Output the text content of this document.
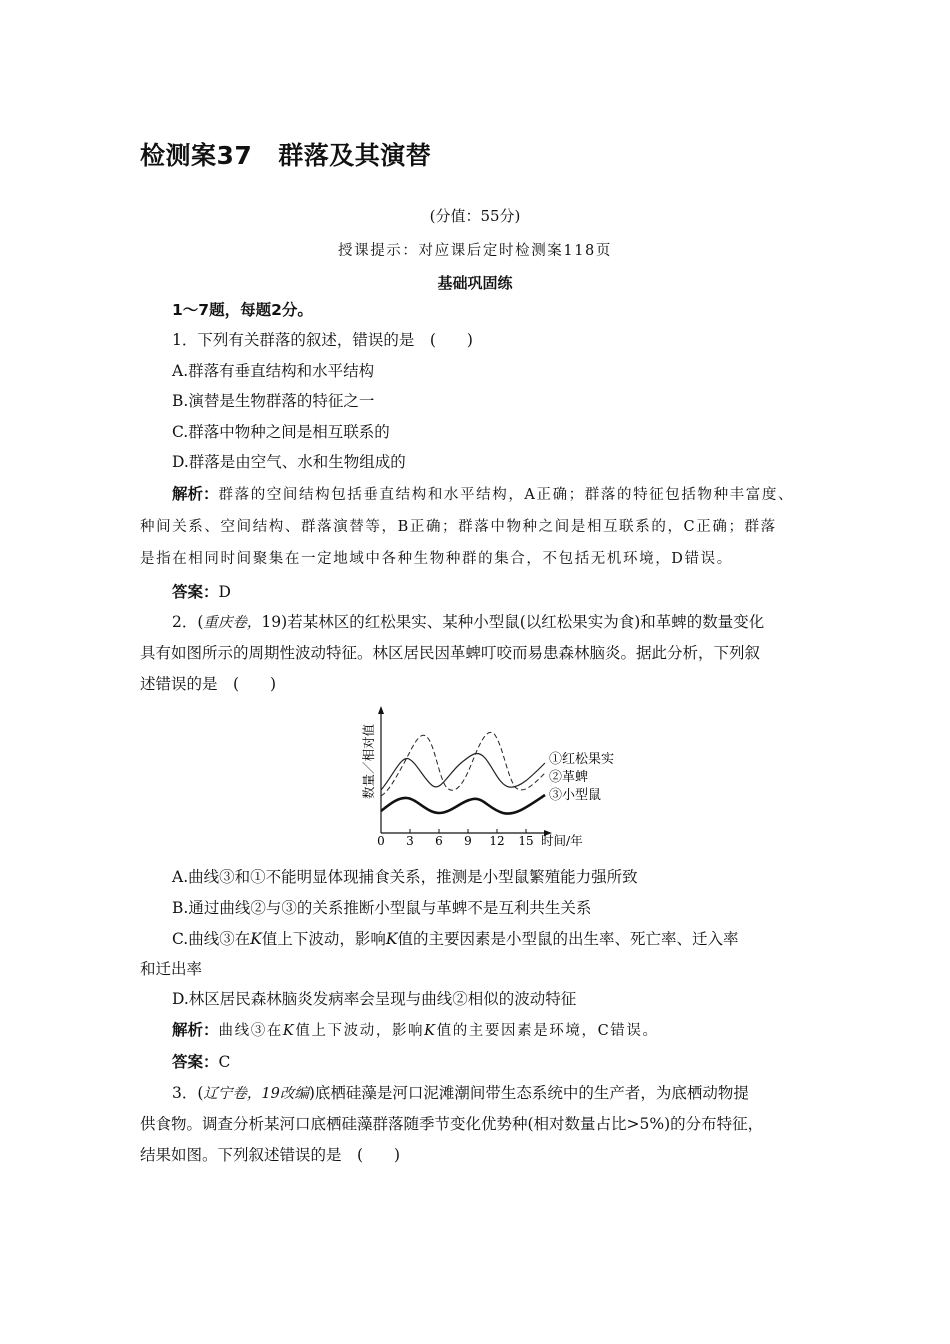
检测案37 群落及其演替
(分值：55分)
授课提示：对应课后定时检测案118页
基础巩固练
1～7题，每题2分。
1．下列有关群落的叙述，错误的是　(　　)
A.群落有垂直结构和水平结构
B.演替是生物群落的特征之一
C.群落中物种之间是相互联系的
D.群落是由空气、水和生物组成的
解析：群落的空间结构包括垂直结构和水平结构，A正确；群落的特征包括物种丰富度、
种间关系、空间结构、群落演替等，B正确；群落中物种之间是相互联系的，C正确；群落
是指在相同时间聚集在一定地域中各种生物种群的集合，不包括无机环境，D错误。
答案：D
2．(重庆卷，19)若某林区的红松果实、某种小型鼠(以红松果实为食)和革蜱的数量变化
具有如图所示的周期性波动特征。林区居民因革蜱叮咬而易患森林脑炎。据此分析，下列叙
述错误的是　(　　)
0 3 6 9 12 15 时间/年
数量／相对值	①红松果实
②革蜱
③小型鼠
A.曲线③和①不能明显体现捕食关系，推测是小型鼠繁殖能力强所致
B.通过曲线②与③的关系推断小型鼠与革蜱不是互利共生关系
C.曲线③在K值上下波动，影响K值的主要因素是小型鼠的出生率、死亡率、迁入率
和迁出率
D.林区居民森林脑炎发病率会呈现与曲线②相似的波动特征
解析：曲线③在K值上下波动，影响K值的主要因素是环境，C错误。
答案：C
3．(辽宁卷，19改编)底栖硅藻是河口泥滩潮间带生态系统中的生产者，为底栖动物提
供食物。调查分析某河口底栖硅藻群落随季节变化优势种(相对数量占比>5%)的分布特征，
结果如图。下列叙述错误的是　(　　)
